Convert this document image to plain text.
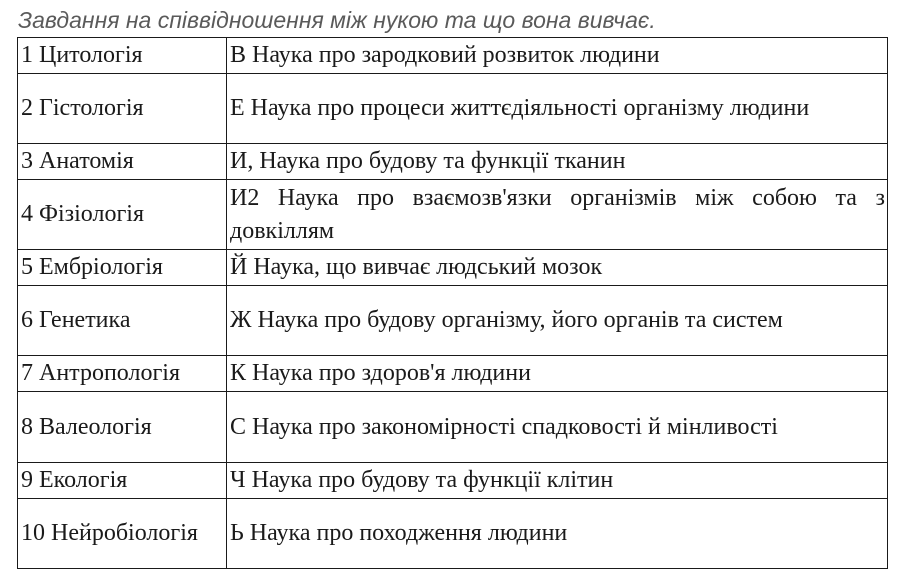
Завдання на співвідношення між нукою та що вона вивчає.
1 Цитологія	В Наука про зародковий розвиток людини
2 Гістологія	Е Наука про процеси життєдіяльності організму людини
3 Анатомія	И, Наука про будову та функції тканин
4 Фізіологія	И2 Наука про взаємозв'язки організмів між собою та з довкіллям
5 Ембріологія	Й Наука, що вивчає людський мозок
6 Генетика	Ж Наука про будову організму, його органів та систем
7 Антропологія	К Наука про здоров'я людини
8 Валеологія	С Наука про закономірності спадковості й мінливості
9 Екологія	Ч Наука про будову та функції клітин
10 Нейробіологія	Ь Наука про походження людини
